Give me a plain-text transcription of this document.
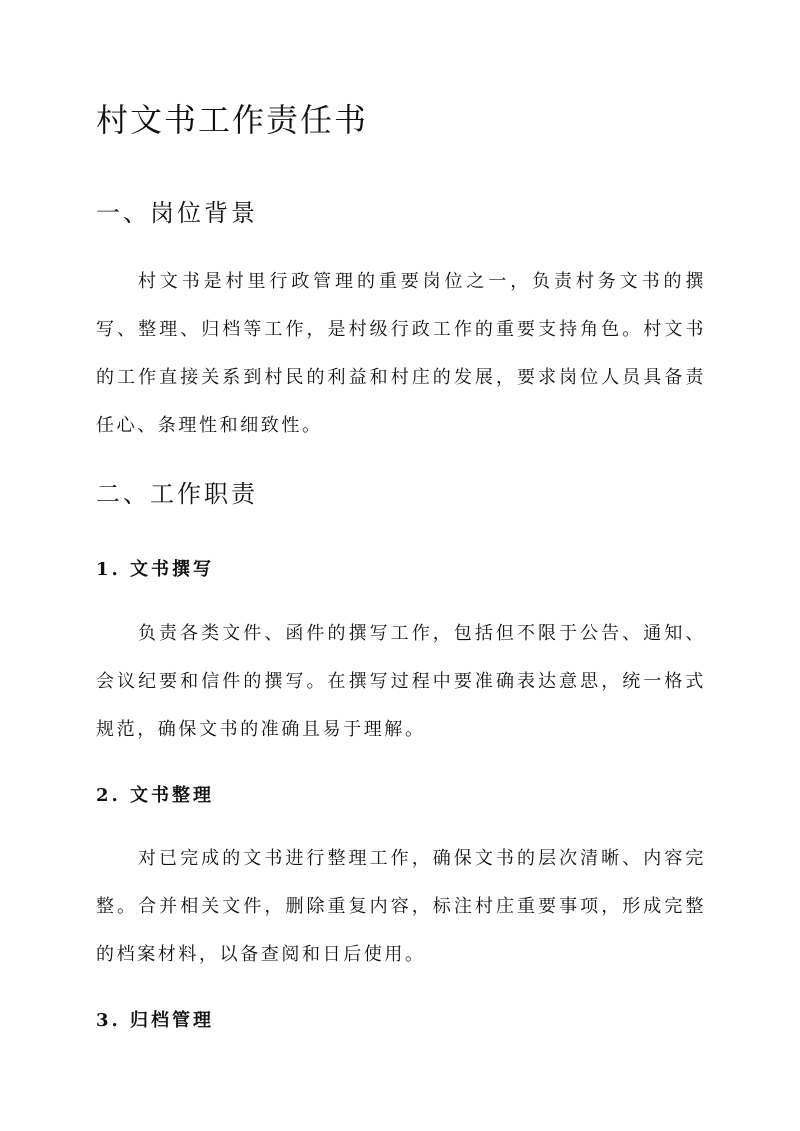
村文书工作责任书
一、岗位背景

村文书是村里行政管理的重要岗位之一，负责村务文书的撰写、整理、归档等工作，是村级行政工作的重要支持角色。村文书的工作直接关系到村民的利益和村庄的发展，要求岗位人员具备责任心、条理性和细致性。

二、工作职责
1. 文书撰写

负责各类文件、函件的撰写工作，包括但不限于公告、通知、会议纪要和信件的撰写。在撰写过程中要准确表达意思，统一格式规范，确保文书的准确且易于理解。

2. 文书整理

对已完成的文书进行整理工作，确保文书的层次清晰、内容完整。合并相关文件，删除重复内容，标注村庄重要事项，形成完整的档案材料，以备查阅和日后使用。

3. 归档管理
